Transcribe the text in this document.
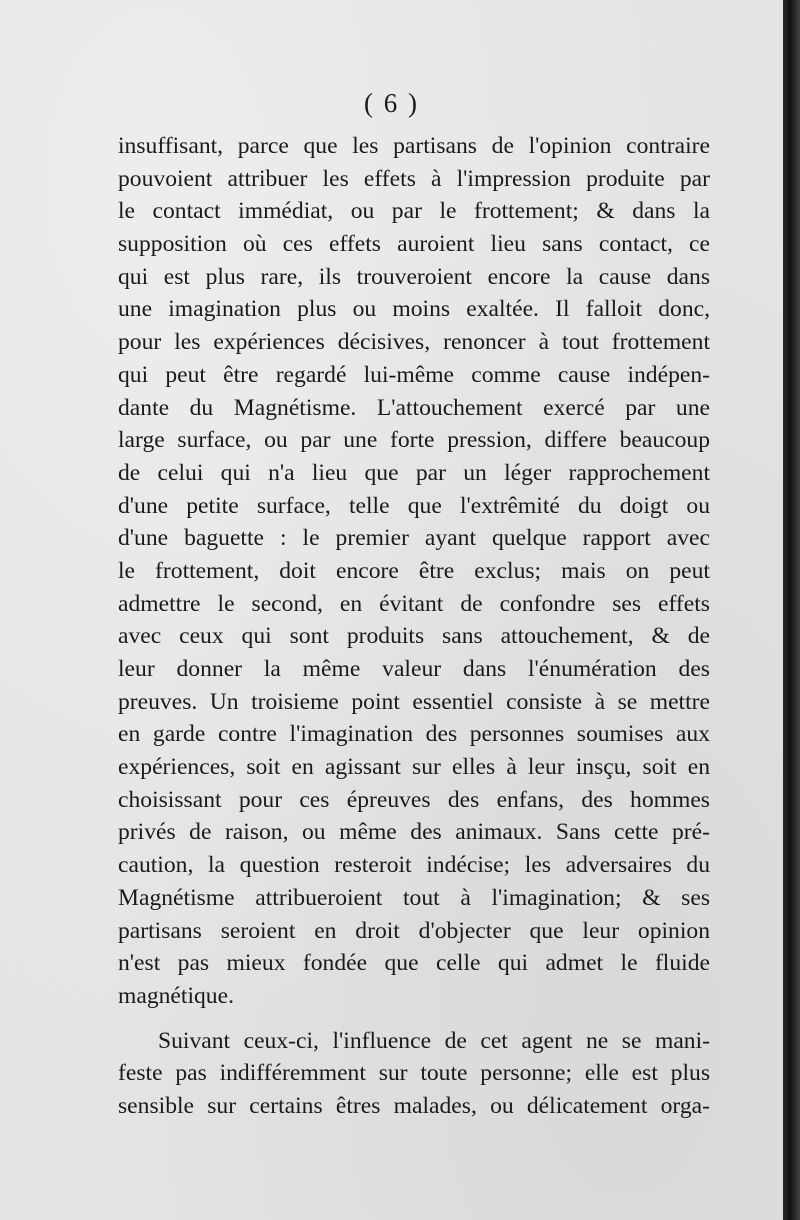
( 6 )
insuffisant, parce que les partisans de l'opinion contraire
pouvoient attribuer les effets à l'impression produite par
le contact immédiat, ou par le frottement; & dans la
supposition où ces effets auroient lieu sans contact, ce
qui est plus rare, ils trouveroient encore la cause dans
une imagination plus ou moins exaltée. Il falloit donc,
pour les expériences décisives, renoncer à tout frottement
qui peut être regardé lui-même comme cause indépen-
dante du Magnétisme. L'attouchement exercé par une
large surface, ou par une forte pression, differe beaucoup
de celui qui n'a lieu que par un léger rapprochement
d'une petite surface, telle que l'extrêmité du doigt ou
d'une baguette : le premier ayant quelque rapport avec
le frottement, doit encore être exclus; mais on peut
admettre le second, en évitant de confondre ses effets
avec ceux qui sont produits sans attouchement, & de
leur donner la même valeur dans l'énumération des
preuves. Un troisieme point essentiel consiste à se mettre
en garde contre l'imagination des personnes soumises aux
expériences, soit en agissant sur elles à leur insçu, soit en
choisissant pour ces épreuves des enfans, des hommes
privés de raison, ou même des animaux. Sans cette pré-
caution, la question resteroit indécise; les adversaires du
Magnétisme attribueroient tout à l'imagination; & ses
partisans seroient en droit d'objecter que leur opinion
n'est pas mieux fondée que celle qui admet le fluide
magnétique.
Suivant ceux-ci, l'influence de cet agent ne se mani-
feste pas indifféremment sur toute personne; elle est plus
sensible sur certains êtres malades, ou délicatement orga-
